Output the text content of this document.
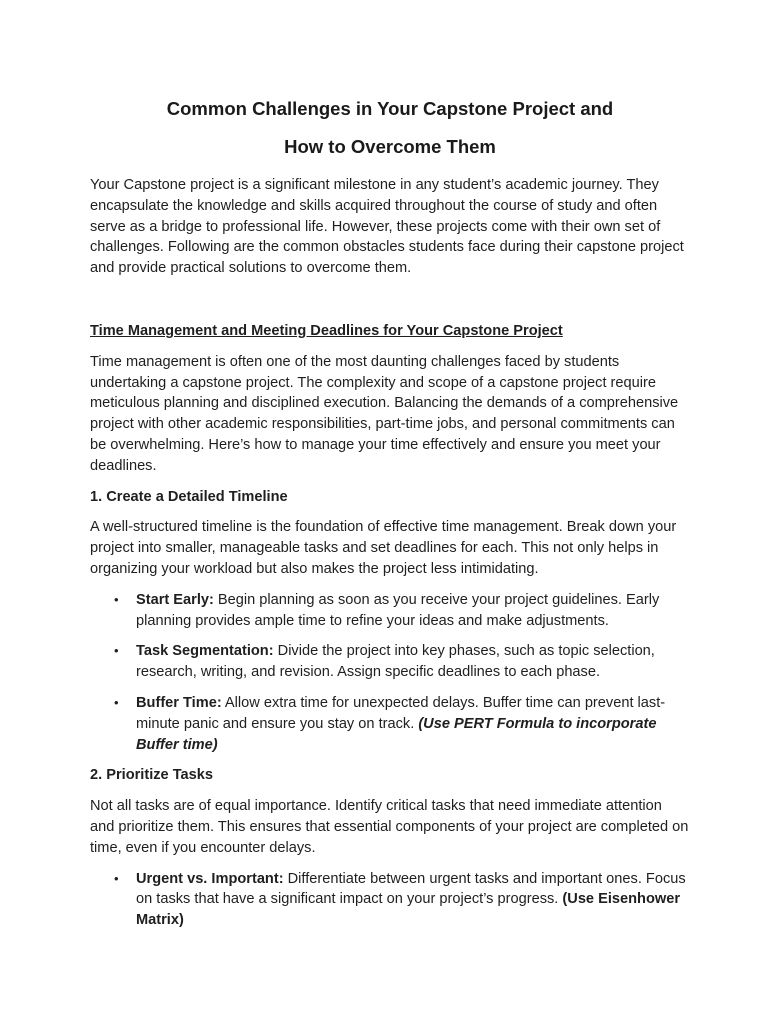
Common Challenges in Your Capstone Project and
How to Overcome Them

Your Capstone project is a significant milestone in any student’s academic journey. They encapsulate the knowledge and skills acquired throughout the course of study and often serve as a bridge to professional life. However, these projects come with their own set of challenges. Following are the common obstacles students face during their capstone project and provide practical solutions to overcome them.

Time Management and Meeting Deadlines for Your Capstone Project

Time management is often one of the most daunting challenges faced by students undertaking a capstone project. The complexity and scope of a capstone project require meticulous planning and disciplined execution. Balancing the demands of a comprehensive project with other academic responsibilities, part-time jobs, and personal commitments can be overwhelming. Here’s how to manage your time effectively and ensure you meet your deadlines.

1. Create a Detailed Timeline

A well-structured timeline is the foundation of effective time management. Break down your project into smaller, manageable tasks and set deadlines for each. This not only helps in organizing your workload but also makes the project less intimidating.

• Start Early: Begin planning as soon as you receive your project guidelines. Early planning provides ample time to refine your ideas and make adjustments.
• Task Segmentation: Divide the project into key phases, such as topic selection, research, writing, and revision. Assign specific deadlines to each phase.
• Buffer Time: Allow extra time for unexpected delays. Buffer time can prevent last-minute panic and ensure you stay on track. (Use PERT Formula to incorporate Buffer time)

2. Prioritize Tasks

Not all tasks are of equal importance. Identify critical tasks that need immediate attention and prioritize them. This ensures that essential components of your project are completed on time, even if you encounter delays.

• Urgent vs. Important: Differentiate between urgent tasks and important ones. Focus on tasks that have a significant impact on your project’s progress. (Use Eisenhower Matrix)
